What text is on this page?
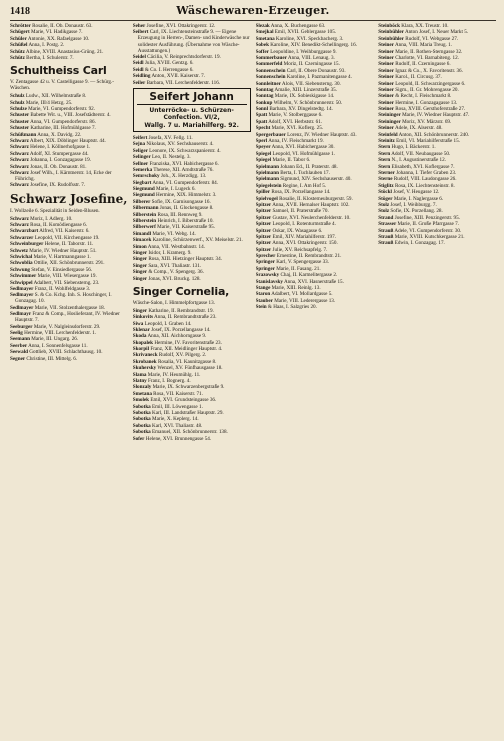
1418	Wäschewaren-Erzeuger.
Schrötter Rosalie, II. Ob. Donaustr. 63.
Schügert Marie, VI. Hadikgasse 7.
Schüler Antonie, XX. Rafaelgasse 10.
Schüßel Anna, I. Postg. 2.
Schütz Albine, XVIII. Anastasius-Grüng. 21.
Schütz Bertha, I. Schulerstr. 7.
Schultheiss Carl
V. Zentagasse 42 u. V. Castelligasse 9. — Schürg.-Wäschen.
Schulz Ludw., XII. Wilhelmstraße 8.
Schulz Marie, III/4 Hetzg. 25.
Schulze Marie, VI. Gumpendorferstr. 92.
Schuster Babette Wit. u., VIII. Josefstädterstr. 4.
Schuster Anna, VI. Gumpendorferstr. 86.
Schuster Katharine, III. Hofmühlgasse 7.
Schüßmann Anna, X. Davidg. 22.
Schwarz Albert, XIX. Döblinger Hauptstr. 44.
Schwarz Helene, I. Köllnerhofgasse 1.
Schwarz Adolf, XI. Stumpergasse 44.
Schwarz Johanna, I. Gonzagagasse 19.
Schwarz Jonas, II. Ob. Donaustr. 81.
Schwarz Josef Wilh., I. Kärntnerstr. 14, Ecke der Führichg.
Schwarz Josefine, IX. Rudolfsstr. 7.
Schwarz Josefine,
I. Wollzeile 6. Spezialität in Seiden-Blusen.
Schwarz Moriz, I. Adlerg. 10.
Schwarz Rosa, II. Komödiengasse 6.
Schwarzbart Alfred, VII. Kaiserstr. 6.
Schwarzer Leopold, VII. Kirchengasse 19.
Schweinburger Helene, II. Taborstr. 11.
Schwetz Marie, IV. Wiedner Hauptstr. 51.
Schwichal Marie, V. Hartmanngasse 1.
Schwoblia Ottilie, XII. Schönbrunnerstr. 291.
Schwung Stefan, V. Einsiedlergasse 56.
Schwimmer Marie, VIII. Wiesergasse 19.
Schwippel Adalbert, VII. Siebensterng. 23.
Sedlmayer Franz, II. Wohlfeldgasse 3.
Sedlmayer S. & Co. Kchg. Inh. S. Hoschinger, I. Gonzagag. 10.
Sedlmayer Marie, VII. Stolzenthalergasse 18.
Sedlmayr Franz & Comp., Hoslieferant, IV. Wiedner Hauptstr. 7.
Seeburger Marie, V. Nalgleinsdorferstr. 29.
Seelig Hermine, VIII. Lerchenfelderstr. 1.
Seemann Marie, III. Ungarg. 26.
Seerber Anna, I. Sonnenfelsgasse 11.
Seewald Gottlieb, XVIII. Schlachthausg. 10.
Segner Christine, III. Mittelg. 6.
Seher Josefine, XVI. Ottakringerstr. 12.
Seibert Carl, IX. Liechtensteinstraße 9. — Eigene Erzeugung in Herren-, Damen- und Kinderwäsche nur solidester Ausführung. (Übernahme von Wäsche-Ausstattungen.)
Seidel Cäcilia, V. Reinprechtsdorferstr. 19.
Seidl Julia, XVIII. Gentzg. 6.
Seidl & Co. I. Herrengasse 6.
Seidling Anton, XVII. Kaiserstr. 7.
Seiler Barbara, VII. Lerchenfelderstr. 116.
Seifert Johann
Unterröcke- u. Schürzen-Confection. VI/2,
Wallg. 7 u. Mariahilferg. 92.
Seifert Josefa, XV. Fellg. 11.
Sejna Nikolaus, XV. Sechshauserstr. 4.
Seliger Leonore, IX. Schwarzspanierstr. 4.
Selinger Leo, II. Nestelg. 3.
Sellner Franziska, XVI. Habichergasse 6.
Semerka Therese, XII. Arndtstraße 76.
Semrschoky Joh., X. Herzdigg. 13.
Siegbart Anna, VI. Gumpendorferstr. 84.
Siegmund Marie, I. Lugeck 6.
Siegmund Hermine, XIX. Himmelstr. 3.
Silberer Sofie, IX. Garnisongasse 16.
Silbermann Jonas, II. Glockengasse 8.
Silberstein Rosa, III. Rennweg 9.
Silberstein Heinrich, I. Biberstraße 10.
Silberwerf Marie, VII. Kaiserstraße 95.
Simandl Marie, VI. Webg. 14.
Simacek Karoline, Schürzenwerf., XV. Meiselstr. 21.
Simon Anna, VII. Westbahnstr. 14.
Singer Isidor, I. Kramerg. 9.
Singer Rosa, XIII. Hietzinger Hauptstr. 34.
Singer Sara, XVI. Thaliastr. 131.
Singer & Comp., V. Spengerg. 36.
Singer Jonas, XVI. Bruckg. 128.
Singer Cornelia,
Wäsche-Salon, I. Himmelpfortgasse 13.
Singer Katharine, II. Rembrandtstr. 19.
Sinkovits Anna, II. Rembrandtstraße 23.
Siwa Leopold, I. Graben 14.
Sklenar Josef, IX. Porzellangasse 14.
Skoda Anna, XII. Aichhorngasse 9.
Skopalek Hermine, IV. Favoritenstraße 23.
Skorpil Franz, XII. Meidlinger Hauptstr. 4.
Skrivaneck Rudolf, XV. Pilgerg. 2.
Skrobanek Rosalia, VI. Kaunitzgasse 8.
Skuhersky Wenzel, XV. Fünfhausgasse 18.
Slama Marie, IV. Heumühlg. 11.
Slatny Franz, I. Bognerg. 4.
Slonzaly Marie, IX. Schwarzenbergstraße 9.
Smetana Rosa, VII. Kaiserstr. 71.
Smolek Emil, XVI. Grundsteingasse 36.
Sobotka Emil, III. Löwengasse 1.
Sobotka Karl, III. Landstraßer Hauptstr. 29.
Sobotka Marie, X. Keplerg. 14.
Sobotka Karl, XVI. Thaliastr. 48.
Sobotka Emanuel, XII. Schönbrunnerstr. 138.
Sofer Helene, XVI. Brunnengasse 54.
Slezak Anna, X. Buchengasse 63.
Smejkal Emil, XVII. Geblergasse 105.
Smetana Karoline, XVI. Speckbacherg. 3.
Sobek Karoline, XIV. Benedikt-Schellingerg. 16.
Soffer Leopoldine, I. Weihburggasse 9.
Sommerbauer Anna, VIII. Lenaug. 3.
Sommerfeld Moriz, II. Czerningasse 15.
Sonnenschein Carl, II. Obere Donaustr. 93.
Sonnenschein Karoline, I. Pazmanitengasse 4.
Sonnleitner Alois, VII. Siebensterng. 30.
Sonntag Amalie, XIII. Linzerstraße 35.
Sonntag Marie, IX. Sobieskigasse 14.
Sonkup Wilhelm, V. Schönbrunnerstr. 50.
Sonnl Barbara, XV. Dingelstedtg. 14.
Spatt Marie, V. Stolberggasse 6.
Spatt Adolf, XVI. Herbststr. 61.
Specht Marie, XVI. Koflerg. 25.
Spergerbauer Lorenz, IV. Wiedner Hauptstr. 43.
Sperl Anna, IV. Fleischmarkt 19.
Speyer Anna, XVI. Habichergasse 30.
Spiegel Leopold, VI. Hofmühlgasse 1.
Spiegel Marie, II. Tabor 6.
Spielmann Johann Ed., II. Praterstr. 48.
Spielmann Berta, I. Tuchlauben 17.
Spielmann Sigmund, XIV. Sechshauserstr. 40.
Spiegelstein Regine, I. Am Hof 5.
Spiller Rosa, IX. Porzellangasse 14.
Spielvogel Rosalie, II. Klosterneuburgerstr. 59.
Spitzer Anna, XVII. Hernalser Hauptstr. 102.
Spitzer Samuel, II. Praterstraße 70.
Spitzer Gustav, XVI. Neulerchenfelderstr. 10.
Spitzer Leopold, I. Rotenturmstraße 4.
Spitzer Oskar, IX. Wasagasse 6.
Spitzer Emil, XIV. Mariahilferstr. 197.
Spitzer Anna, XVI. Ottakringerstr. 150.
Spitzer Julie, XV. Reichsapfelg. 7.
Sprecher Ernestine, II. Rembrandtstr. 21.
Springer Karl, V. Spengergasse 33.
Springer Marie, II. Fasang. 21.
Srazowsky Chaj, II. Karmelitergasse 2.
Stanislavsky Anna, XVI. Hasnerstraße 15.
Stange Marie, XIII. Reinlg. 13.
Staron Adalbert, VI. Mollardgasse 5.
Stauber Marie, VIII. Lederergasse 13.
Stein & Haas, I. Salzgries 20.
Steinböck Klara, XX. Treustr. 10.
Steinbühler Anton Josef, I. Neuer Markt 5.
Steinbühler Rudolf, VI. Webgasse 27.
Steiner Anna, VIII. Maria Treug. 1.
Steiner Marie, II. Rothen-Sterngasse 32.
Steiner Charlotte, VI. Barnabiteng. 12.
Steiner Rudolf, II. Czerningasse 6.
Steiner Ignaz & Co., X. Favoritenstr. 36.
Steiner Karol., II. Circusg. 37.
Steiner Leopold, II. Schwarzingergasse 6.
Steiner Sigm., II. Gr. Mohrengasse 20.
Steiner & Recht, I. Fleischmarkt 8.
Steiner Hermine, I. Gonzagagasse 13.
Steiner Rosa, XVIII. Gersthoferstraße 27.
Steininger Marie, IV. Wiedner Hauptstr. 47.
Steininger Moriz, XV. Märzstr. 69.
Steiner Adele, IX. Alserstr. 48.
Steinfeld Anton, XII. Schönbrunnerstr. 240.
Steinitz Emil, VI. Mariahilferstraße 15.
Stern Hugo, I. Bäckerstr. 1.
Stern Adolf, VII. Neubaugasse 50.
Stern N., I. Augustinerstraße 12.
Stern Elisabeth, XVI. Koflergasse 7.
Sterner Johanna, I. Tiefer Graben 23.
Sterne Rudolf, VIII. Laudongasse 26.
Stiglitz Rosa, IX. Liechtensteinstr. 8.
Stöckl Josef, V. Heugasse 12.
Stöger Marie, I. Naglergasse 6.
Stolz Josef, I. Weihburgg. 7.
Stolz Sofie, IX. Porzellang. 28.
Strand Josefine, XIII. Penzingerstr. 95.
Strasser Marie, II. Große Pfarrgasse 7.
Strauß Adele, VI. Gumpendorferstr. 30.
Strauß Marie, XVIII. Kutschkergasse 21.
Strauß Edwin, I. Gonzagag. 17.
